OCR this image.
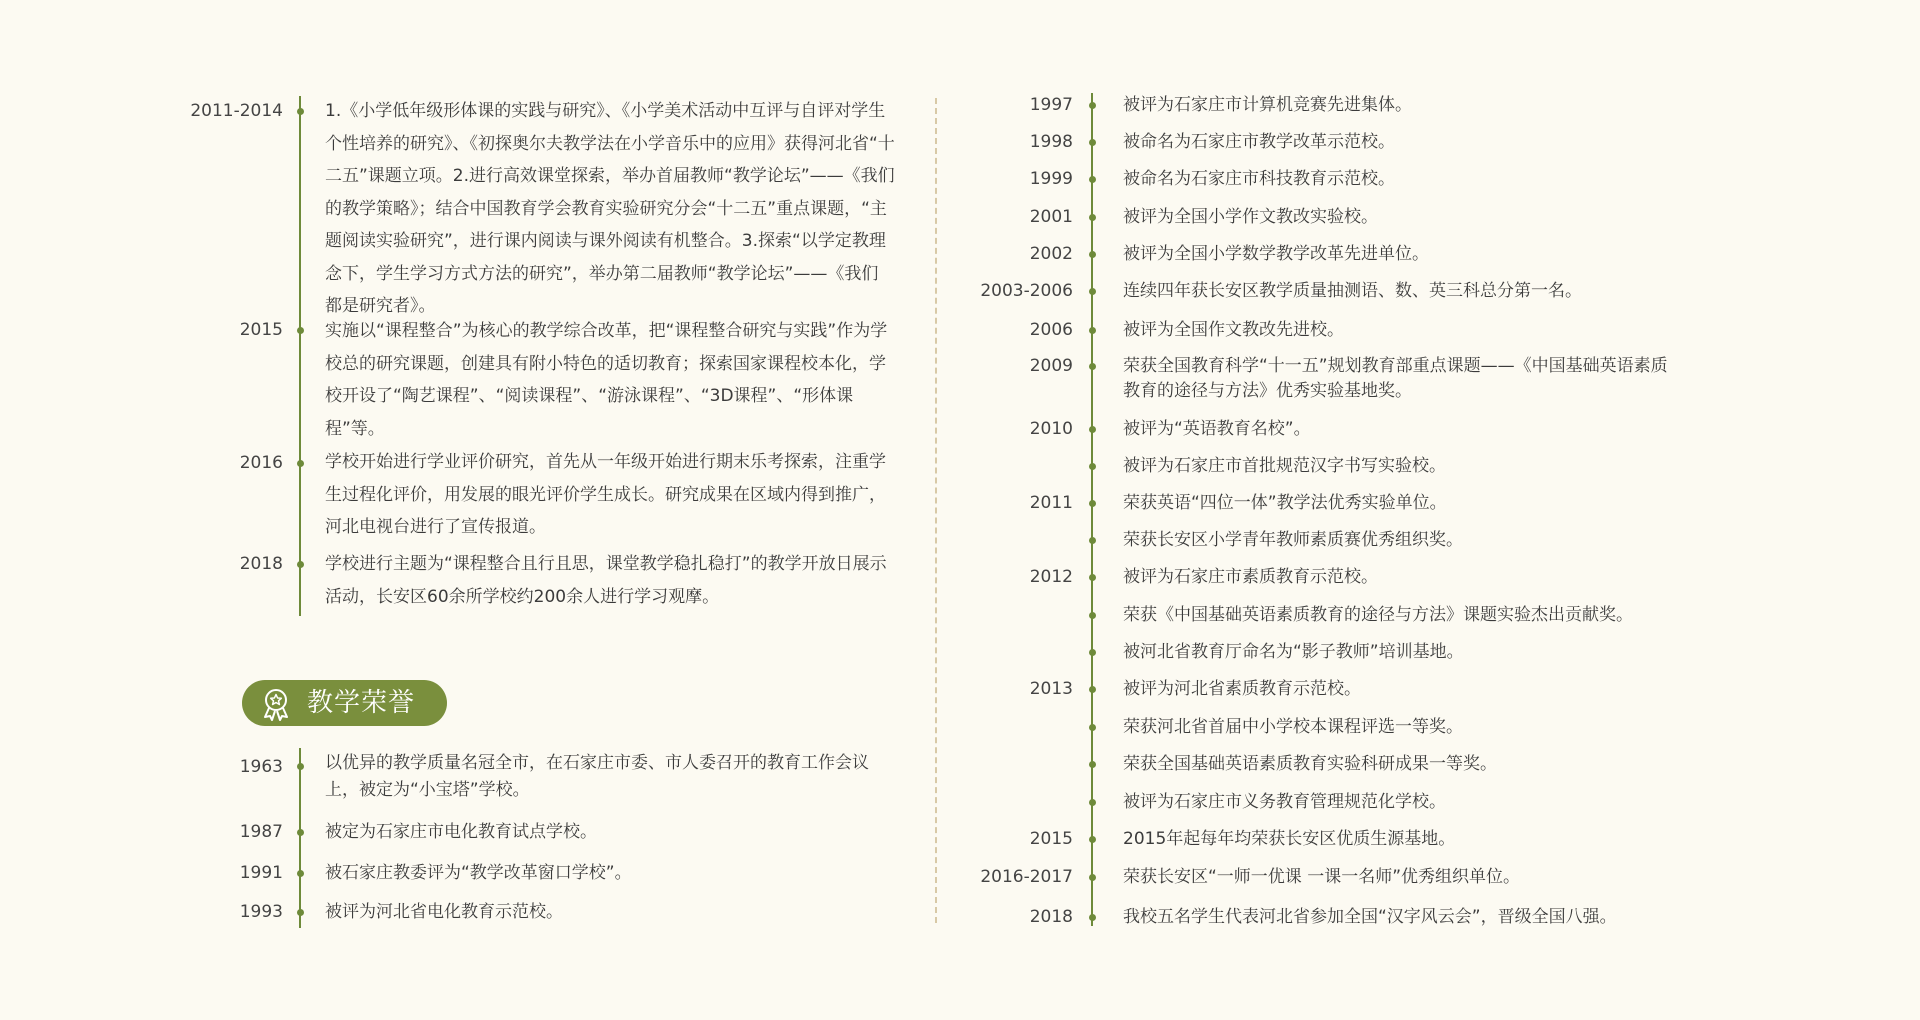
2011-2014 1.《小学低年级形体课的实践与研究》、《小学美术活动中互评与自评对学生个性培养的研究》、《初探奥尔夫教学法在小学音乐中的应用》获得河北省“十二五”课题立项。2.进行高效课堂探索，举办首届教师“教学论坛”——《我们的教学策略》；结合中国教育学会教育实验研究分会“十二五”重点课题，“主题阅读实验研究”，进行课内阅读与课外阅读有机整合。3.探索“以学定教理念下，学生学习方式方法的研究”，举办第二届教师“教学论坛”——《我们都是研究者》。
2015 实施以“课程整合”为核心的教学综合改革，把“课程整合研究与实践”作为学校总的研究课题，创建具有附小特色的适切教育；探索国家课程校本化，学校开设了“陶艺课程”、“阅读课程”、“游泳课程”、“3D课程”、“形体课程”等。
2016 学校开始进行学业评价研究，首先从一年级开始进行期末乐考探索，注重学生过程化评价，用发展的眼光评价学生成长。研究成果在区域内得到推广，河北电视台进行了宣传报道。
2018 学校进行主题为“课程整合且行且思，课堂教学稳扎稳打”的教学开放日展示活动，长安区60余所学校约200余人进行学习观摩。
教学荣誉
1963 以优异的教学质量名冠全市，在石家庄市委、市人委召开的教育工作会议上，被定为“小宝塔”学校。
1987 被定为石家庄市电化教育试点学校。
1991 被石家庄教委评为“教学改革窗口学校”。
1993 被评为河北省电化教育示范校。
1997	被评为石家庄市计算机竞赛先进集体。
1998	被命名为石家庄市教学改革示范校。
1999	被命名为石家庄市科技教育示范校。
2001	被评为全国小学作文教改实验校。
2002	被评为全国小学数学教学改革先进单位。
2003-2006	连续四年获长安区教学质量抽测语、数、英三科总分第一名。
2006	被评为全国作文教改先进校。
2009	荣获全国教育科学“十一五”规划教育部重点课题——《中国基础英语素质
教育的途径与方法》优秀实验基地奖。
2010	被评为“英语教育名校”。
被评为石家庄市首批规范汉字书写实验校。
2011	荣获英语“四位一体”教学法优秀实验单位。
荣获长安区小学青年教师素质赛优秀组织奖。
2012	被评为石家庄市素质教育示范校。
荣获《中国基础英语素质教育的途径与方法》课题实验杰出贡献奖。
被河北省教育厅命名为“影子教师”培训基地。
2013	被评为河北省素质教育示范校。
荣获河北省首届中小学校本课程评选一等奖。
荣获全国基础英语素质教育实验科研成果一等奖。
被评为石家庄市义务教育管理规范化学校。
2015	2015年起每年均荣获长安区优质生源基地。
2016-2017	荣获长安区“一师一优课 一课一名师”优秀组织单位。
2018	我校五名学生代表河北省参加全国“汉字风云会”，晋级全国八强。
